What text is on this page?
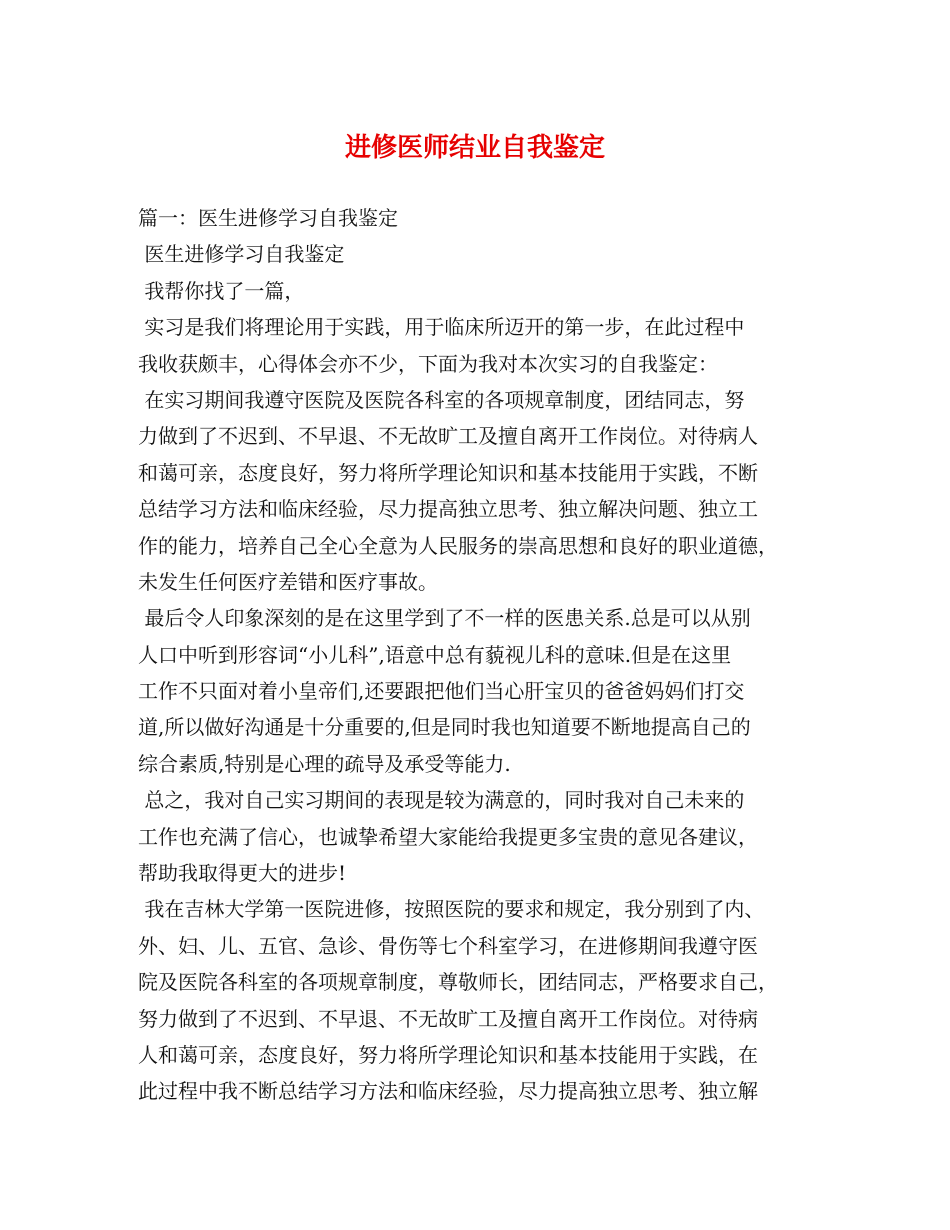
进修医师结业自我鉴定
篇一：医生进修学习自我鉴定
医生进修学习自我鉴定
我帮你找了一篇，
实习是我们将理论用于实践，用于临床所迈开的第一步，在此过程中
我收获颇丰，心得体会亦不少，下面为我对本次实习的自我鉴定：
在实习期间我遵守医院及医院各科室的各项规章制度，团结同志，努
力做到了不迟到、不早退、不无故旷工及擅自离开工作岗位。对待病人
和蔼可亲，态度良好，努力将所学理论知识和基本技能用于实践，不断
总结学习方法和临床经验，尽力提高独立思考、独立解决问题、独立工
作的能力，培养自己全心全意为人民服务的崇高思想和良好的职业道德，
未发生任何医疗差错和医疗事故。
最后令人印象深刻的是在这里学到了不一样的医患关系.总是可以从别
人口中听到形容词“小儿科”,语意中总有藐视儿科的意味.但是在这里
工作不只面对着小皇帝们,还要跟把他们当心肝宝贝的爸爸妈妈们打交
道,所以做好沟通是十分重要的,但是同时我也知道要不断地提高自己的
综合素质,特别是心理的疏导及承受等能力.
总之，我对自己实习期间的表现是较为满意的，同时我对自己未来的
工作也充满了信心，也诚挚希望大家能给我提更多宝贵的意见各建议，
帮助我取得更大的进步!
我在吉林大学第一医院进修，按照医院的要求和规定，我分别到了内、
外、妇、儿、五官、急诊、骨伤等七个科室学习，在进修期间我遵守医
院及医院各科室的各项规章制度，尊敬师长，团结同志，严格要求自己，
努力做到了不迟到、不早退、不无故旷工及擅自离开工作岗位。对待病
人和蔼可亲，态度良好，努力将所学理论知识和基本技能用于实践，在
此过程中我不断总结学习方法和临床经验，尽力提高独立思考、独立解
